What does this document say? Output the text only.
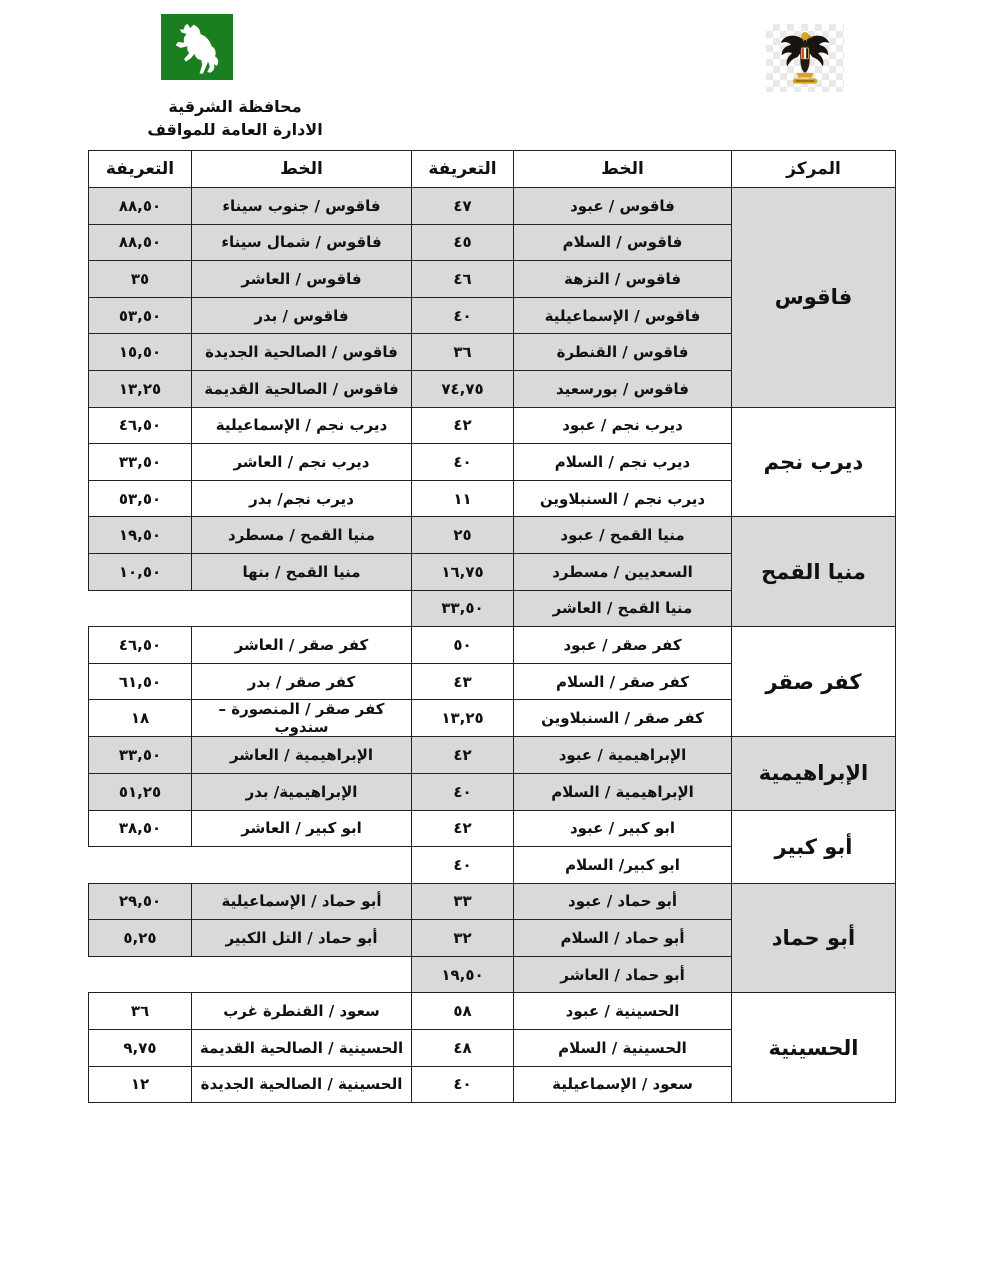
محافظة الشرقية
الادارة العامة للمواقف
المركز	الخط	التعريفة	الخط	التعريفة
فاقوس	فاقوس / عبود	٤٧	فاقوس / جنوب سيناء	٨٨,٥٠
	فاقوس / السلام	٤٥	فاقوس / شمال سيناء	٨٨,٥٠
	فاقوس / النزهة	٤٦	فاقوس / العاشر	٣٥
	فاقوس / الإسماعيلية	٤٠	فاقوس / بدر	٥٣,٥٠
	فاقوس / القنطرة	٣٦	فاقوس / الصالحية الجديدة	١٥,٥٠
	فاقوس / بورسعيد	٧٤,٧٥	فاقوس / الصالحية القديمة	١٣,٢٥
ديرب نجم	ديرب نجم / عبود	٤٢	ديرب نجم / الإسماعيلية	٤٦,٥٠
	ديرب نجم / السلام	٤٠	ديرب نجم / العاشر	٣٣,٥٠
	ديرب نجم / السنبلاوين	١١	ديرب نجم/ بدر	٥٣,٥٠
منيا القمح	منيا القمح / عبود	٢٥	منيا القمح / مسطرد	١٩,٥٠
	السعديين / مسطرد	١٦,٧٥	منيا القمح / بنها	١٠,٥٠
	منيا القمح / العاشر	٣٣,٥٠		
كفر صقر	كفر صقر / عبود	٥٠	كفر صقر / العاشر	٤٦,٥٠
	كفر صقر / السلام	٤٣	كفر صقر / بدر	٦١,٥٠
	كفر صقر / السنبلاوين	١٣,٢٥	كفر صقر / المنصورة – سندوب	١٨
الإبراهيمية	الإبراهيمية / عبود	٤٢	الإبراهيمية / العاشر	٣٣,٥٠
	الإبراهيمية / السلام	٤٠	الإبراهيمية/ بدر	٥١,٢٥
أبو كبير	ابو كبير / عبود	٤٢	ابو كبير / العاشر	٣٨,٥٠
	ابو كبير/ السلام	٤٠		
أبو حماد	أبو حماد / عبود	٣٣	أبو حماد / الإسماعيلية	٢٩,٥٠
	أبو حماد / السلام	٣٢	أبو حماد / التل الكبير	٥,٢٥
	أبو حماد / العاشر	١٩,٥٠		
الحسينية	الحسينية / عبود	٥٨	سعود / القنطرة غرب	٣٦
	الحسينية / السلام	٤٨	الحسينية / الصالحية القديمة	٩,٧٥
	سعود / الإسماعيلية	٤٠	الحسينية / الصالحية الجديدة	١٢
